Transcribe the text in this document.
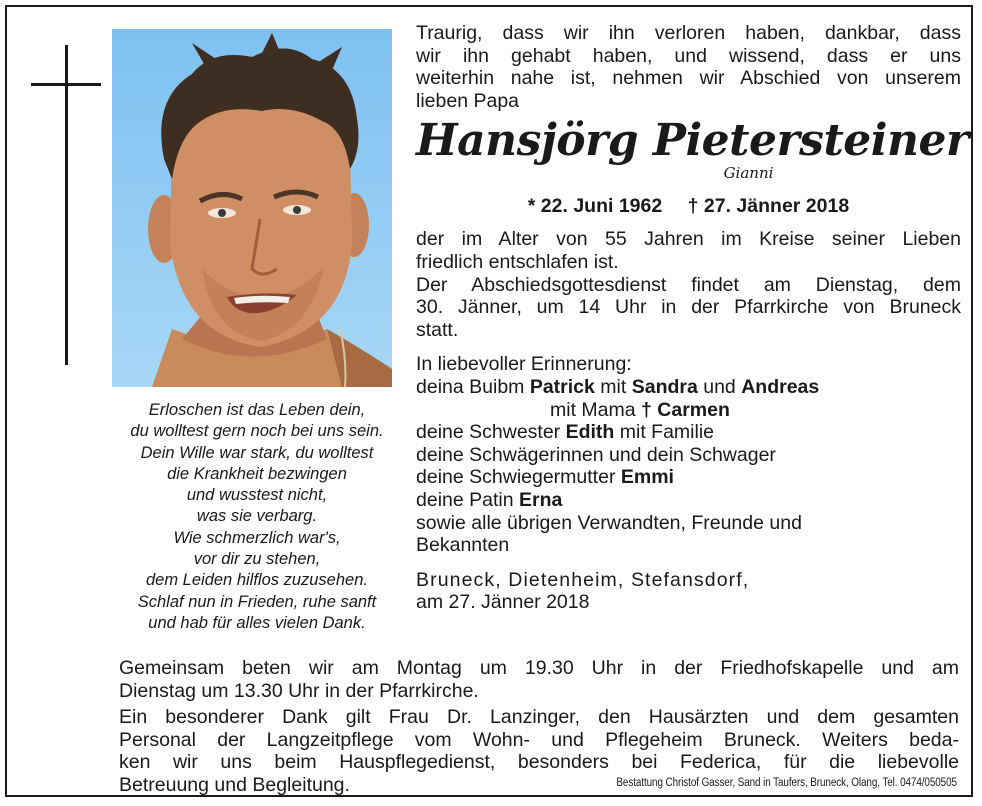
Erloschen ist das Leben dein,
du wolltest gern noch bei uns sein.
Dein Wille war stark, du wolltest
die Krankheit bezwingen
und wusstest nicht,
was sie verbarg.
Wie schmerzlich war's,
vor dir zu stehen,
dem Leiden hilflos zuzusehen.
Schlaf nun in Frieden, ruhe sanft
und hab für alles vielen Dank.
Traurig, dass wir ihn verloren haben, dankbar, dass
wir ihn gehabt haben, und wissend, dass er uns
weiterhin nahe ist, nehmen wir Abschied von unserem
lieben Papa
Hansjörg Pietersteiner
Gianni
* 22. Juni 1962 † 27. Jänner 2018
der im Alter von 55 Jahren im Kreise seiner Lieben
friedlich entschlafen ist.
Der Abschiedsgottesdienst findet am Dienstag, dem
30. Jänner, um 14 Uhr in der Pfarrkirche von Bruneck
statt.
In liebevoller Erinnerung:
deina Buibm Patrick mit Sandra und Andreas
mit Mama † Carmen
deine Schwester Edith mit Familie
deine Schwägerinnen und dein Schwager
deine Schwiegermutter Emmi
deine Patin Erna
sowie alle übrigen Verwandten, Freunde und
Bekannten
Bruneck, Dietenheim, Stefansdorf,
am 27. Jänner 2018
Gemeinsam beten wir am Montag um 19.30 Uhr in der Friedhofskapelle und am
Dienstag um 13.30 Uhr in der Pfarrkirche.
Ein besonderer Dank gilt Frau Dr. Lanzinger, den Hausärzten und dem gesamten
Personal der Langzeitpflege vom Wohn- und Pflegeheim Bruneck. Weiters beda-
ken wir uns beim Hauspflegedienst, besonders bei Federica, für die liebevolle
Betreuung und Begleitung.	Bestattung Christof Gasser, Sand in Taufers, Bruneck, Olang, Tel. 0474/050505
